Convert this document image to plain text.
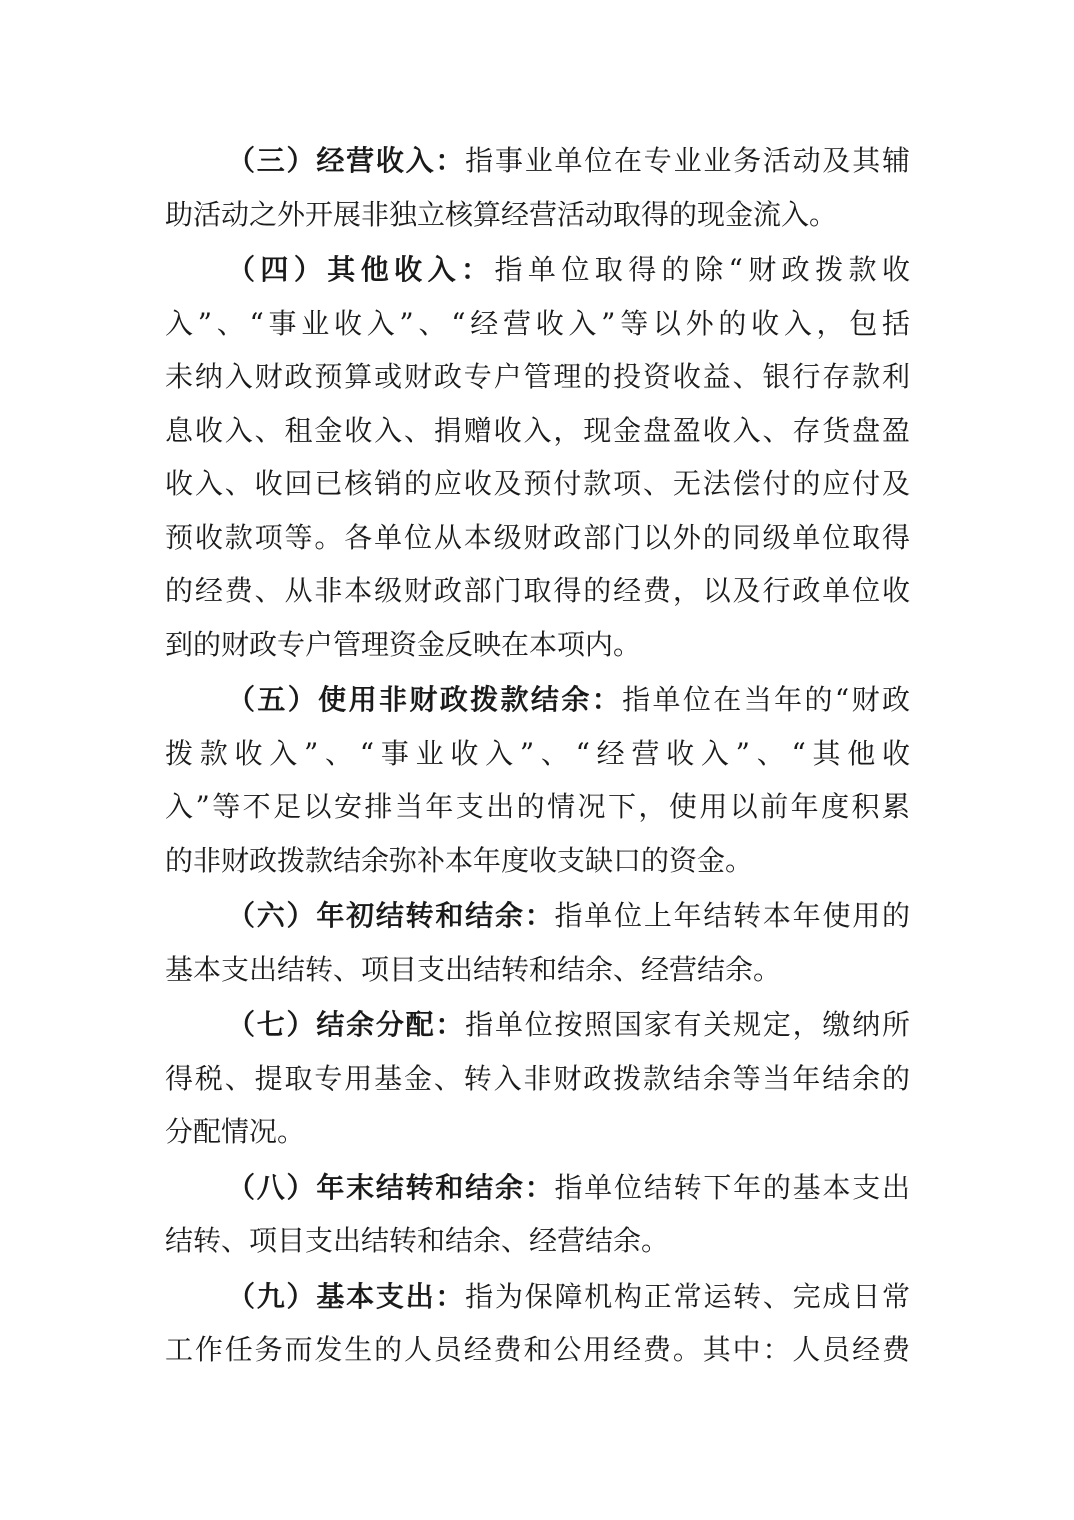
（三）经营收入：指事业单位在专业业务活动及其辅
助活动之外开展非独立核算经营活动取得的现金流入。
（四）其他收入：指单位取得的除“财政拨款收
入”、“事业收入”、“经营收入”等以外的收入，包括
未纳入财政预算或财政专户管理的投资收益、银行存款利
息收入、租金收入、捐赠收入，现金盘盈收入、存货盘盈
收入、收回已核销的应收及预付款项、无法偿付的应付及
预收款项等。各单位从本级财政部门以外的同级单位取得
的经费、从非本级财政部门取得的经费，以及行政单位收
到的财政专户管理资金反映在本项内。
（五）使用非财政拨款结余：指单位在当年的“财政
拨款收入”、“事业收入”、“经营收入”、“其他收
入”等不足以安排当年支出的情况下，使用以前年度积累
的非财政拨款结余弥补本年度收支缺口的资金。
（六）年初结转和结余：指单位上年结转本年使用的
基本支出结转、项目支出结转和结余、经营结余。
（七）结余分配：指单位按照国家有关规定，缴纳所
得税、提取专用基金、转入非财政拨款结余等当年结余的
分配情况。
（八）年末结转和结余：指单位结转下年的基本支出
结转、项目支出结转和结余、经营结余。
（九）基本支出：指为保障机构正常运转、完成日常
工作任务而发生的人员经费和公用经费。其中：人员经费
